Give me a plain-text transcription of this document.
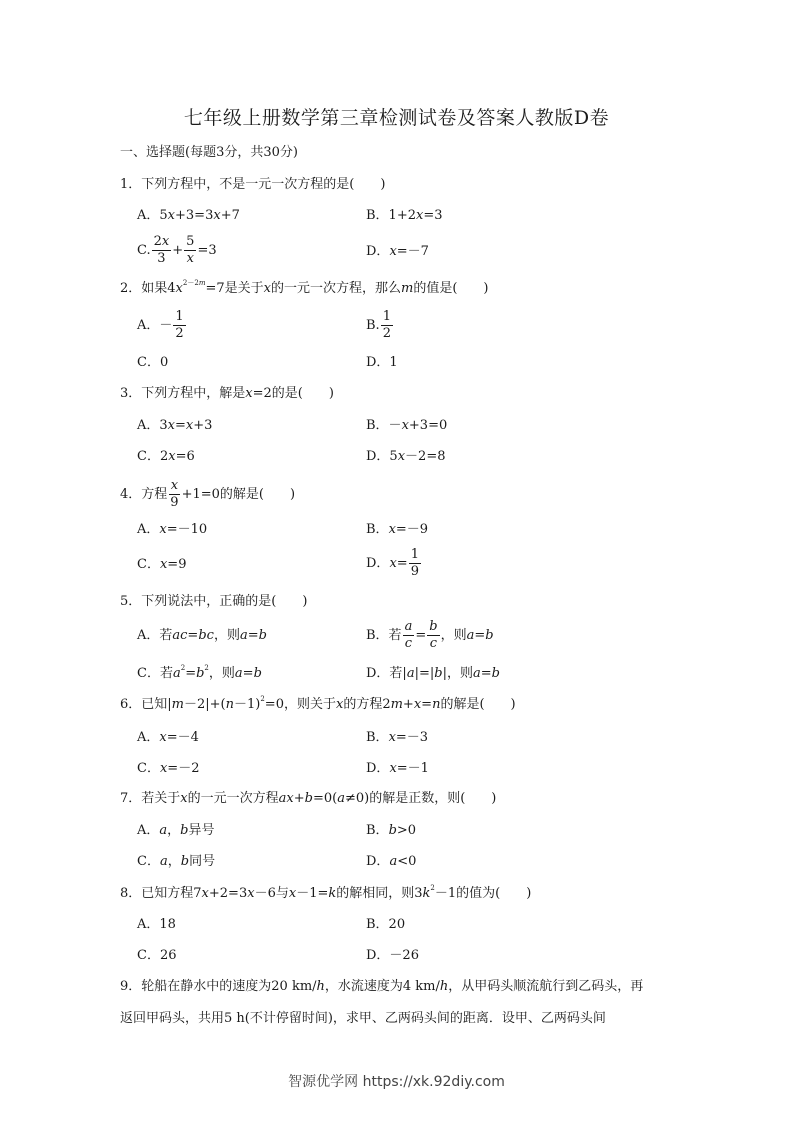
七年级上册数学第三章检测试卷及答案人教版D卷
一、选择题(每题3分，共30分)
1．下列方程中，不是一元一次方程的是(　　)
A．5x+3=3x+7	B．1+2x=3
C. $\frac{2x}{3} + \frac{5}{x} =3$	D．x=－7
2．如果$4x^{2-2m}=7$是关于x的一元一次方程，那么m的值是(　　)
A．－ $\frac{1}{2}$	B. $\frac{1}{2}$
C．0	D．1
3．下列方程中，解是x=2的是(　　)
A．3x=x+3	B．－x+3=0
C．2x=6	D．5x－2=8
4．方程 $\frac{x}{9} +1=0$的解是(　　)
A．x=－10	B．x=－9
C．x=9	D．$x= \frac{1}{9}$
5．下列说法中，正确的是(　　)
A．若ac=bc，则a=b	B．若 $\frac{a}{c} = \frac{b}{c}$ ，则a=b
C．若$a^2=b^2$，则a=b	D．若|a|=|b|，则a=b
6．已知$|m-2|+(n-1)^2=0$，则关于x的方程2m+x=n的解是(　　)
A．x=－4	B．x=－3
C．x=－2	D．x=－1
7．若关于x的一元一次方程ax+b=0(a≠0)的解是正数，则(　　)
A．a，b异号	B．b>0
C．a，b同号	D．a<0
8．已知方程7x+2=3x－6与x－1=k的解相同，则$3k^2-1$的值为(　　)
A．18	B．20
C．26	D．－26
9．轮船在静水中的速度为20 km/h，水流速度为4 km/h，从甲码头顺流航行到乙码头，再
返回甲码头，共用5 h(不计停留时间)，求甲、乙两码头间的距离．设甲、乙两码头间
智源优学网 https://xk.92diy.com
